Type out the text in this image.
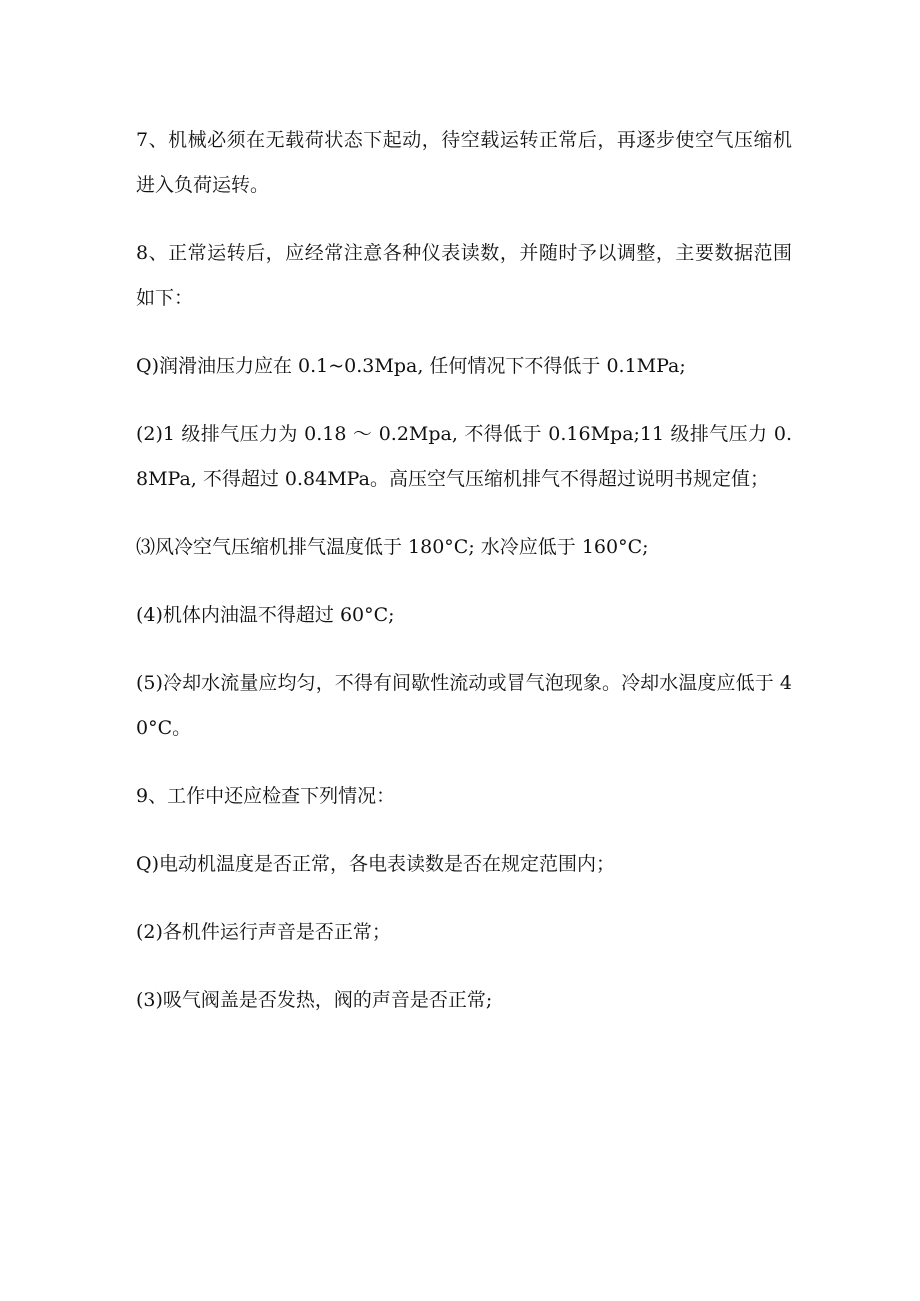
7、机械必须在无载荷状态下起动，待空载运转正常后，再逐步使空气压缩机进入负荷运转。

8、正常运转后，应经常注意各种仪表读数，并随时予以调整，主要数据范围如下：

Q)润滑油压力应在 0.1~0.3Mpa, 任何情况下不得低于 0.1MPa;

(2)1 级排气压力为 0.18 ～ 0.2Mpa, 不得低于 0.16Mpa;11 级排气压力 0.8MPa, 不得超过 0.84MPa。高压空气压缩机排气不得超过说明书规定值；

⑶风冷空气压缩机排气温度低于 180°C; 水冷应低于 160°C;

(4)机体内油温不得超过 60°C;

(5)冷却水流量应均匀，不得有间歇性流动或冒气泡现象。冷却水温度应低于 40°C。

9、工作中还应检查下列情况：

Q)电动机温度是否正常，各电表读数是否在规定范围内；

(2)各机件运行声音是否正常；

(3)吸气阀盖是否发热，阀的声音是否正常;
